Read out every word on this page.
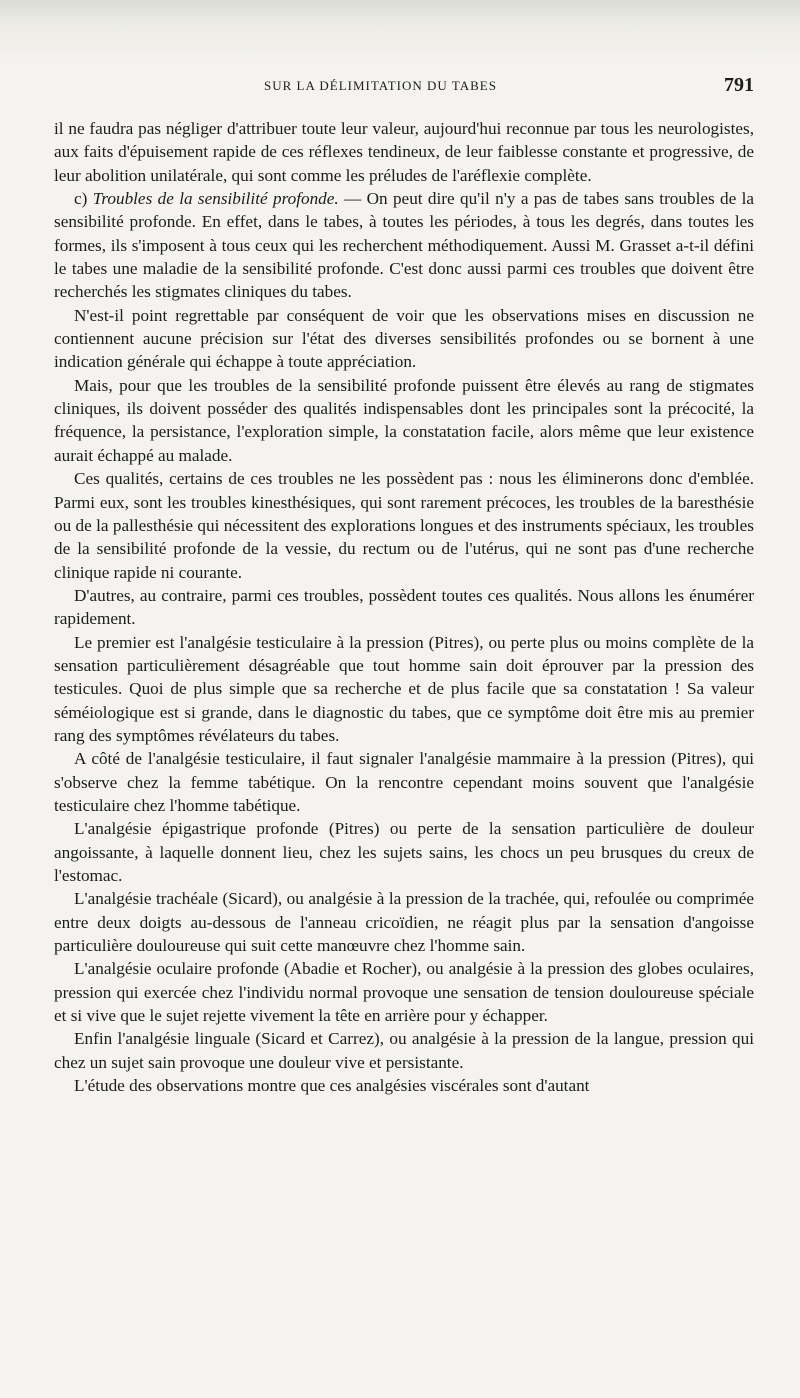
SUR LA DÉLIMITATION DU TABES	791

il ne faudra pas négliger d'attribuer toute leur valeur, aujourd'hui reconnue par tous les neurologistes, aux faits d'épuisement rapide de ces réflexes tendineux, de leur faiblesse constante et progressive, de leur abolition unilatérale, qui sont comme les préludes de l'aréflexie complète.

c) Troubles de la sensibilité profonde. — On peut dire qu'il n'y a pas de tabes sans troubles de la sensibilité profonde. En effet, dans le tabes, à toutes les périodes, à tous les degrés, dans toutes les formes, ils s'imposent à tous ceux qui les recherchent méthodiquement. Aussi M. Grasset a-t-il défini le tabes une maladie de la sensibilité profonde. C'est donc aussi parmi ces troubles que doivent être recherchés les stigmates cliniques du tabes.

N'est-il point regrettable par conséquent de voir que les observations mises en discussion ne contiennent aucune précision sur l'état des diverses sensibilités profondes ou se bornent à une indication générale qui échappe à toute appréciation.

Mais, pour que les troubles de la sensibilité profonde puissent être élevés au rang de stigmates cliniques, ils doivent posséder des qualités indispensables dont les principales sont la précocité, la fréquence, la persistance, l'exploration simple, la constatation facile, alors même que leur existence aurait échappé au malade.

Ces qualités, certains de ces troubles ne les possèdent pas : nous les éliminerons donc d'emblée. Parmi eux, sont les troubles kinesthésiques, qui sont rarement précoces, les troubles de la baresthésie ou de la pallesthésie qui nécessitent des explorations longues et des instruments spéciaux, les troubles de la sensibilité profonde de la vessie, du rectum ou de l'utérus, qui ne sont pas d'une recherche clinique rapide ni courante.

D'autres, au contraire, parmi ces troubles, possèdent toutes ces qualités. Nous allons les énumérer rapidement.

Le premier est l'analgésie testiculaire à la pression (Pitres), ou perte plus ou moins complète de la sensation particulièrement désagréable que tout homme sain doit éprouver par la pression des testicules. Quoi de plus simple que sa recherche et de plus facile que sa constatation ! Sa valeur séméiologique est si grande, dans le diagnostic du tabes, que ce symptôme doit être mis au premier rang des symptômes révélateurs du tabes.

A côté de l'analgésie testiculaire, il faut signaler l'analgésie mammaire à la pression (Pitres), qui s'observe chez la femme tabétique. On la rencontre cependant moins souvent que l'analgésie testiculaire chez l'homme tabétique.

L'analgésie épigastrique profonde (Pitres) ou perte de la sensation particulière de douleur angoissante, à laquelle donnent lieu, chez les sujets sains, les chocs un peu brusques du creux de l'estomac.

L'analgésie trachéale (Sicard), ou analgésie à la pression de la trachée, qui, refoulée ou comprimée entre deux doigts au-dessous de l'anneau cricoïdien, ne réagit plus par la sensation d'angoisse particulière douloureuse qui suit cette manœuvre chez l'homme sain.

L'analgésie oculaire profonde (Abadie et Rocher), ou analgésie à la pression des globes oculaires, pression qui exercée chez l'individu normal provoque une sensation de tension douloureuse spéciale et si vive que le sujet rejette vivement la tête en arrière pour y échapper.

Enfin l'analgésie linguale (Sicard et Carrez), ou analgésie à la pression de la langue, pression qui chez un sujet sain provoque une douleur vive et persistante.

L'étude des observations montre que ces analgésies viscérales sont d'autant
